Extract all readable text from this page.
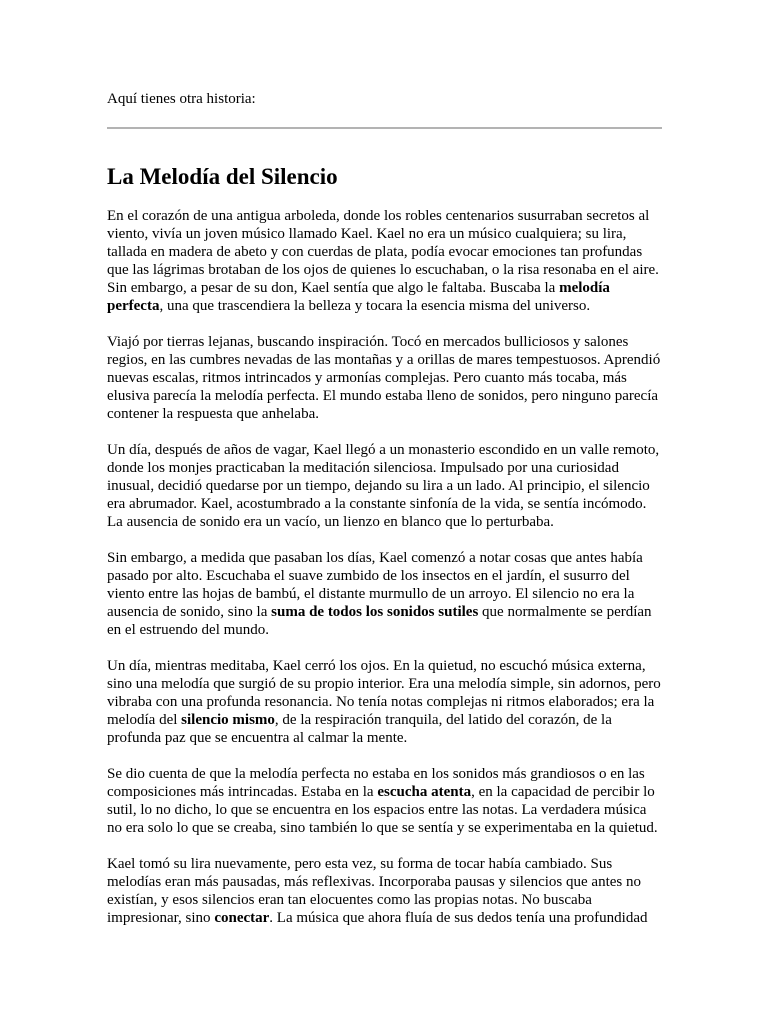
Aquí tienes otra historia:

La Melodía del Silencio

En el corazón de una antigua arboleda, donde los robles centenarios susurraban secretos al viento, vivía un joven músico llamado Kael. Kael no era un músico cualquiera; su lira, tallada en madera de abeto y con cuerdas de plata, podía evocar emociones tan profundas que las lágrimas brotaban de los ojos de quienes lo escuchaban, o la risa resonaba en el aire. Sin embargo, a pesar de su don, Kael sentía que algo le faltaba. Buscaba la melodía perfecta, una que trascendiera la belleza y tocara la esencia misma del universo.

Viajó por tierras lejanas, buscando inspiración. Tocó en mercados bulliciosos y salones regios, en las cumbres nevadas de las montañas y a orillas de mares tempestuosos. Aprendió nuevas escalas, ritmos intrincados y armonías complejas. Pero cuanto más tocaba, más elusiva parecía la melodía perfecta. El mundo estaba lleno de sonidos, pero ninguno parecía contener la respuesta que anhelaba.

Un día, después de años de vagar, Kael llegó a un monasterio escondido en un valle remoto, donde los monjes practicaban la meditación silenciosa. Impulsado por una curiosidad inusual, decidió quedarse por un tiempo, dejando su lira a un lado. Al principio, el silencio era abrumador. Kael, acostumbrado a la constante sinfonía de la vida, se sentía incómodo. La ausencia de sonido era un vacío, un lienzo en blanco que lo perturbaba.

Sin embargo, a medida que pasaban los días, Kael comenzó a notar cosas que antes había pasado por alto. Escuchaba el suave zumbido de los insectos en el jardín, el susurro del viento entre las hojas de bambú, el distante murmullo de un arroyo. El silencio no era la ausencia de sonido, sino la suma de todos los sonidos sutiles que normalmente se perdían en el estruendo del mundo.

Un día, mientras meditaba, Kael cerró los ojos. En la quietud, no escuchó música externa, sino una melodía que surgió de su propio interior. Era una melodía simple, sin adornos, pero vibraba con una profunda resonancia. No tenía notas complejas ni ritmos elaborados; era la melodía del silencio mismo, de la respiración tranquila, del latido del corazón, de la profunda paz que se encuentra al calmar la mente.

Se dio cuenta de que la melodía perfecta no estaba en los sonidos más grandiosos o en las composiciones más intrincadas. Estaba en la escucha atenta, en la capacidad de percibir lo sutil, lo no dicho, lo que se encuentra en los espacios entre las notas. La verdadera música no era solo lo que se creaba, sino también lo que se sentía y se experimentaba en la quietud.

Kael tomó su lira nuevamente, pero esta vez, su forma de tocar había cambiado. Sus melodías eran más pausadas, más reflexivas. Incorporaba pausas y silencios que antes no existían, y esos silencios eran tan elocuentes como las propias notas. No buscaba impresionar, sino conectar. La música que ahora fluía de sus dedos tenía una profundidad
